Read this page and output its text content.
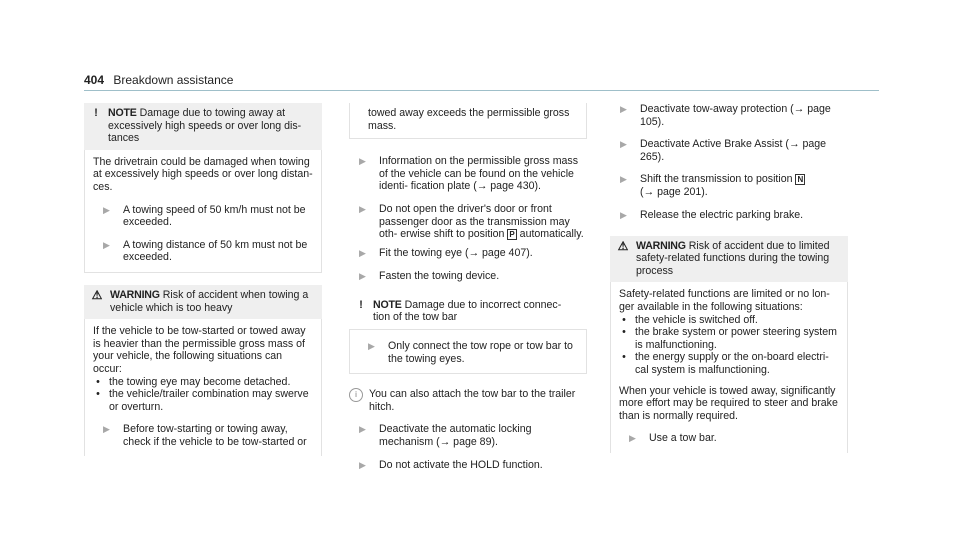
404 Breakdown assistance
! NOTE Damage due to towing away at excessively high speeds or over long dis- tances

The drivetrain could be damaged when towing at excessively high speeds or over long distan- ces.

▶	A towing speed of 50 km/h must not be exceeded.
▶	A towing distance of 50 km must not be exceeded.
⚠ WARNING Risk of accident when towing a vehicle which is too heavy

If the vehicle to be tow-started or towed away is heavier than the permissible gross mass of your vehicle, the following situations can occur:

• the towing eye may become detached.
• the vehicle/trailer combination may swerve or overturn.
▶	Before tow-starting or towing away, check if the vehicle to be tow-started or
towed away exceeds the permissible gross mass.
▶	Information on the permissible gross mass of the vehicle can be found on the vehicle identi- fication plate (→ page 430).
▶	Do not open the driver's door or front passenger door as the transmission may oth- erwise shift to position P automatically.
▶	Fit the towing eye (→ page 407).
▶	Fasten the towing device.
! NOTE Damage due to incorrect connec- tion of the tow bar
▶	Only connect the tow rope or tow bar to the towing eyes.
i	You can also attach the tow bar to the trailer hitch.
▶	Deactivate the automatic locking mechanism (→ page 89).
▶	Do not activate the HOLD function.
▶	Deactivate tow-away protection (→ page 105).
▶	Deactivate Active Brake Assist (→ page 265).
▶	Shift the transmission to position N
(→ page 201).
▶	Release the electric parking brake.
⚠ WARNING Risk of accident due to limited safety-related functions during the towing process

Safety-related functions are limited or no lon- ger available in the following situations:

• the vehicle is switched off.
• the brake system or power steering system is malfunctioning.
• the energy supply or the on-board electri- cal system is malfunctioning.

When your vehicle is towed away, significantly more effort may be required to steer and brake than is normally required.

▶	Use a tow bar.
